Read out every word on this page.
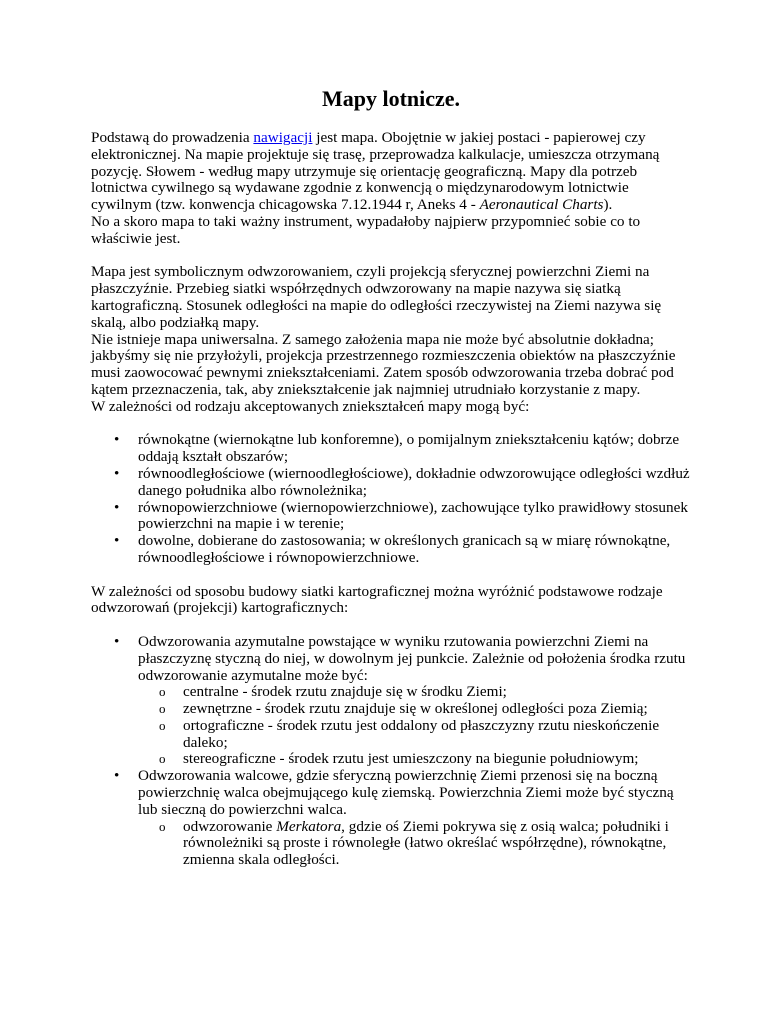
Mapy lotnicze.

Podstawą do prowadzenia nawigacji jest mapa. Obojętnie w jakiej postaci - papierowej czy elektronicznej. Na mapie projektuje się trasę, przeprowadza kalkulacje, umieszcza otrzymaną pozycję. Słowem - według mapy utrzymuje się orientację geograficzną. Mapy dla potrzeb lotnictwa cywilnego są wydawane zgodnie z konwencją o międzynarodowym lotnictwie cywilnym (tzw. konwencja chicagowska 7.12.1944 r, Aneks 4 - Aeronautical Charts).

No a skoro mapa to taki ważny instrument, wypadałoby najpierw przypomnieć sobie co to właściwie jest.

Mapa jest symbolicznym odwzorowaniem, czyli projekcją sferycznej powierzchni Ziemi na płaszczyźnie. Przebieg siatki współrzędnych odwzorowany na mapie nazywa się siatką kartograficzną. Stosunek odległości na mapie do odległości rzeczywistej na Ziemi nazywa się skalą, albo podziałką mapy.

Nie istnieje mapa uniwersalna. Z samego założenia mapa nie może być absolutnie dokładna; jakbyśmy się nie przyłożyli, projekcja przestrzennego rozmieszczenia obiektów na płaszczyźnie musi zaowocować pewnymi zniekształceniami. Zatem sposób odwzorowania trzeba dobrać pod kątem przeznaczenia, tak, aby zniekształcenie jak najmniej utrudniało korzystanie z mapy.

W zależności od rodzaju akceptowanych zniekształceń mapy mogą być:

• równokątne (wiernokątne lub konforemne), o pomijalnym zniekształceniu kątów; dobrze oddają kształt obszarów;
• równoodległościowe (wiernoodległościowe), dokładnie odwzorowujące odległości wzdłuż danego południka albo równoleżnika;
• równopowierzchniowe (wiernopowierzchniowe), zachowujące tylko prawidłowy stosunek powierzchni na mapie i w terenie;
• dowolne, dobierane do zastosowania; w określonych granicach są w miarę równokątne, równoodległościowe i równopowierzchniowe.

W zależności od sposobu budowy siatki kartograficznej można wyróżnić podstawowe rodzaje odwzorowań (projekcji) kartograficznych:

• Odwzorowania azymutalne powstające w wyniku rzutowania powierzchni Ziemi na płaszczyznę styczną do niej, w dowolnym jej punkcie. Zależnie od położenia środka rzutu odwzorowanie azymutalne może być:
o centralne - środek rzutu znajduje się w środku Ziemi;
o zewnętrzne - środek rzutu znajduje się w określonej odległości poza Ziemią;
o ortograficzne - środek rzutu jest oddalony od płaszczyzny rzutu nieskończenie daleko;
o stereograficzne - środek rzutu jest umieszczony na biegunie południowym;
• Odwzorowania walcowe, gdzie sferyczną powierzchnię Ziemi przenosi się na boczną powierzchnię walca obejmującego kulę ziemską. Powierzchnia Ziemi może być styczną lub sieczną do powierzchni walca.
o odwzorowanie Merkatora, gdzie oś Ziemi pokrywa się z osią walca; południki i równoleżniki są proste i równoległe (łatwo określać współrzędne), równokątne, zmienna skala odległości.
